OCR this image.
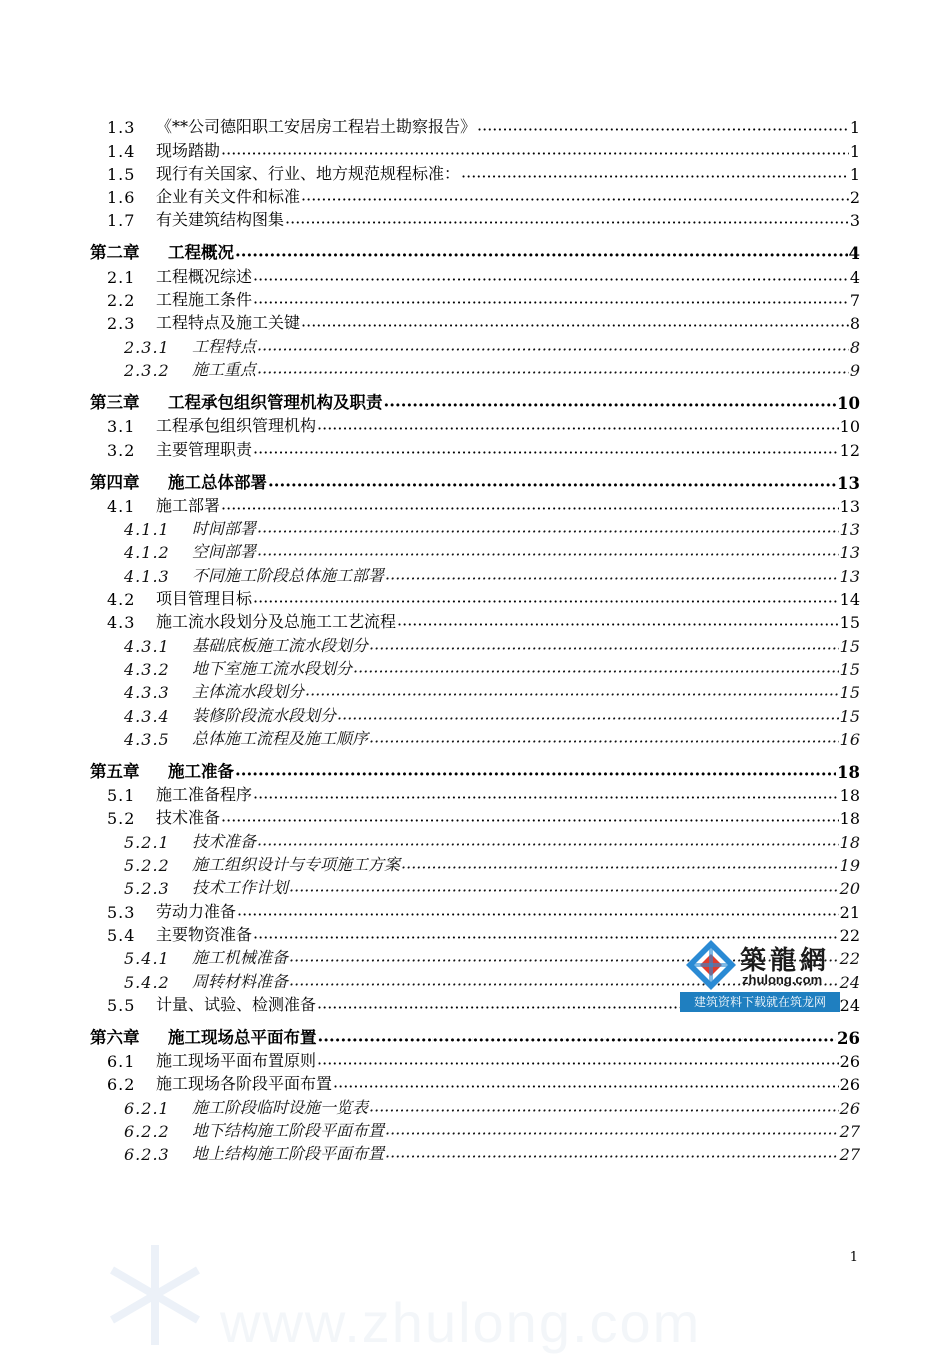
1.3	《**公司德阳职工安居房工程岩土勘察报告》 ·····	1
1.4	现场踏勘 ·····	1
1.5	现行有关国家、行业、地方规范规程标准： ·····	1
1.6	企业有关文件和标准 ·····	2
1.7	有关建筑结构图集 ·····	3
第二章	工程概况 ·····	4
2.1	工程概况综述 ·····	4
2.2	工程施工条件 ·····	7
2.3	工程特点及施工关键 ·····	8
2.3.1	工程特点 ·····	8
2.3.2	施工重点 ·····	9
第三章	工程承包组织管理机构及职责 ·····	10
3.1	工程承包组织管理机构 ·····	10
3.2	主要管理职责 ·····	12
第四章	施工总体部署 ·····	13
4.1	施工部署 ·····	13
4.1.1	时间部署 ·····	13
4.1.2	空间部署 ·····	13
4.1.3	不同施工阶段总体施工部署 ·····	13
4.2	项目管理目标 ·····	14
4.3	施工流水段划分及总施工工艺流程 ·····	15
4.3.1	基础底板施工流水段划分 ·····	15
4.3.2	地下室施工流水段划分 ·····	15
4.3.3	主体流水段划分 ·····	15
4.3.4	装修阶段流水段划分 ·····	15
4.3.5	总体施工流程及施工顺序 ·····	16
第五章	施工准备 ·····	18
5.1	施工准备程序 ·····	18
5.2	技术准备 ·····	18
5.2.1	技术准备 ·····	18
5.2.2	施工组织设计与专项施工方案 ·····	19
5.2.3	技术工作计划 ·····	20
5.3	劳动力准备 ·····	21
5.4	主要物资准备 ·····	22
5.4.1	施工机械准备 ·····	22
5.4.2	周转材料准备 ·····	24
5.5	计量、试验、检测准备 ·····	24
第六章	施工现场总平面布置 ·····	26
6.1	施工现场平面布置原则 ·····	26
6.2	施工现场各阶段平面布置 ·····	26
6.2.1	施工阶段临时设施一览表 ·····	26
6.2.2	地下结构施工阶段平面布置 ·····	27
6.2.3	地上结构施工阶段平面布置 ·····	27
1
築龍網
zhulong.com
建筑资料下载就在筑龙网
www.zhulong.com
